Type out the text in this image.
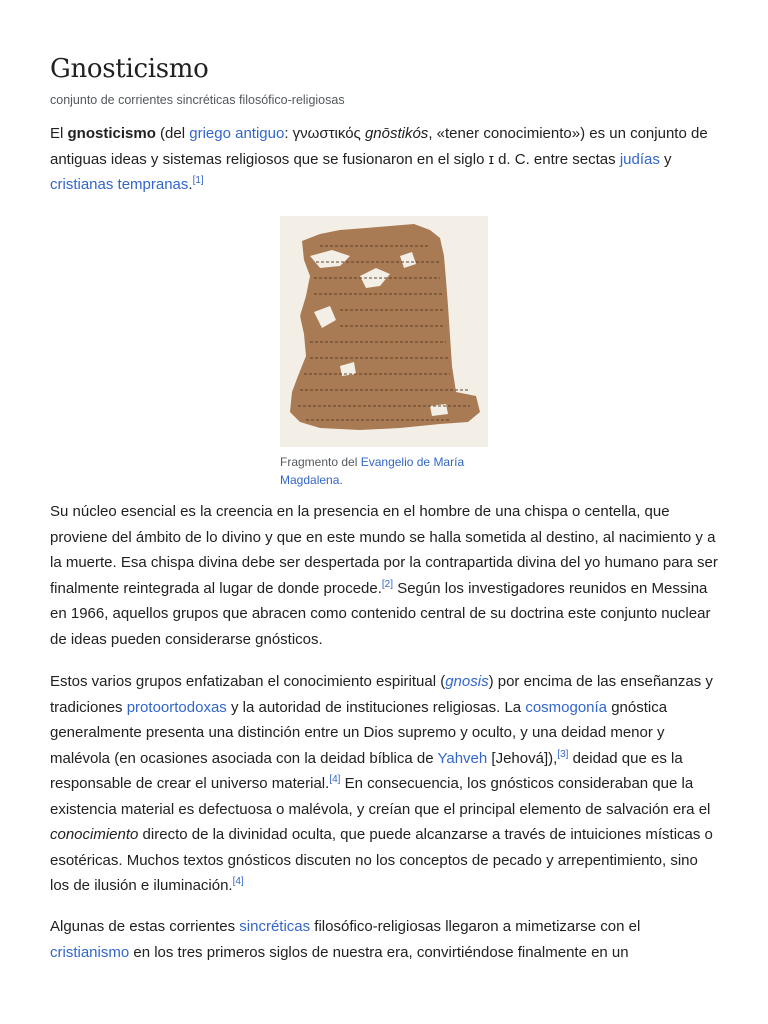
Gnosticismo
conjunto de corrientes sincréticas filosófico-religiosas

El gnosticismo (del griego antiguo: γνωστικός gnōstikós, «tener conocimiento») es un conjunto de antiguas ideas y sistemas religiosos que se fusionaron en el siglo ɪ d. C. entre sectas judías y cristianas tempranas.[1]

Fragmento del Evangelio de María Magdalena.

Su núcleo esencial es la creencia en la presencia en el hombre de una chispa o centella, que proviene del ámbito de lo divino y que en este mundo se halla sometida al destino, al nacimiento y a la muerte. Esa chispa divina debe ser despertada por la contrapartida divina del yo humano para ser finalmente reintegrada al lugar de donde procede.[2] Según los investigadores reunidos en Messina en 1966, aquellos grupos que abracen como contenido central de su doctrina este conjunto nuclear de ideas pueden considerarse gnósticos.

Estos varios grupos enfatizaban el conocimiento espiritual (gnosis) por encima de las enseñanzas y tradiciones protoortodoxas y la autoridad de instituciones religiosas. La cosmogonía gnóstica generalmente presenta una distinción entre un Dios supremo y oculto, y una deidad menor y malévola (en ocasiones asociada con la deidad bíblica de Yahveh [Jehová]),[3] deidad que es la responsable de crear el universo material.[4] En consecuencia, los gnósticos consideraban que la existencia material es defectuosa o malévola, y creían que el principal elemento de salvación era el conocimiento directo de la divinidad oculta, que puede alcanzarse a través de intuiciones místicas o esotéricas. Muchos textos gnósticos discuten no los conceptos de pecado y arrepentimiento, sino los de ilusión e iluminación.[4]

Algunas de estas corrientes sincréticas filosófico-religiosas llegaron a mimetizarse con el cristianismo en los tres primeros siglos de nuestra era, convirtiéndose finalmente en un
